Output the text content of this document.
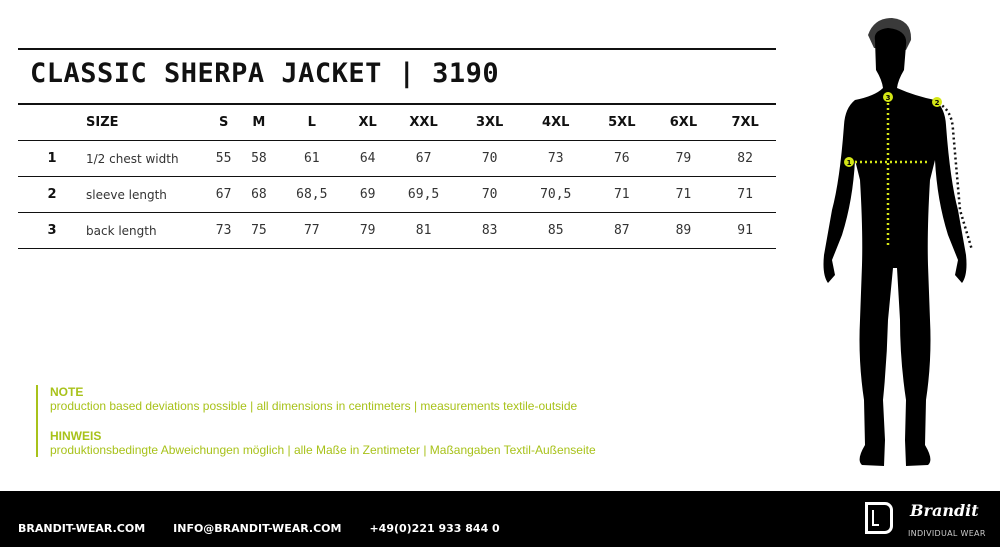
CLASSIC SHERPA JACKET | 3190
	SIZE	S	M	L	XL	XXL	3XL	4XL	5XL	6XL	7XL
1	1/2 chest width	55	58	61	64	67	70	73	76	79	82
2	sleeve length	67	68	68,5	69	69,5	70	70,5	71	71	71
3	back length	73	75	77	79	81	83	85	87	89	91
NOTE
production based deviations possible | all dimensions in centimeters | measurements textile-outside
HINWEIS
produktionsbedingte Abweichungen möglich | alle Maße in Zentimeter | Maßangaben Textil-Außenseite
1
2
3
BRANDIT-WEAR.COM	INFO@BRANDIT-WEAR.COM	+49(0)221 933 844 0
Brandit
INDIVIDUAL WEAR
